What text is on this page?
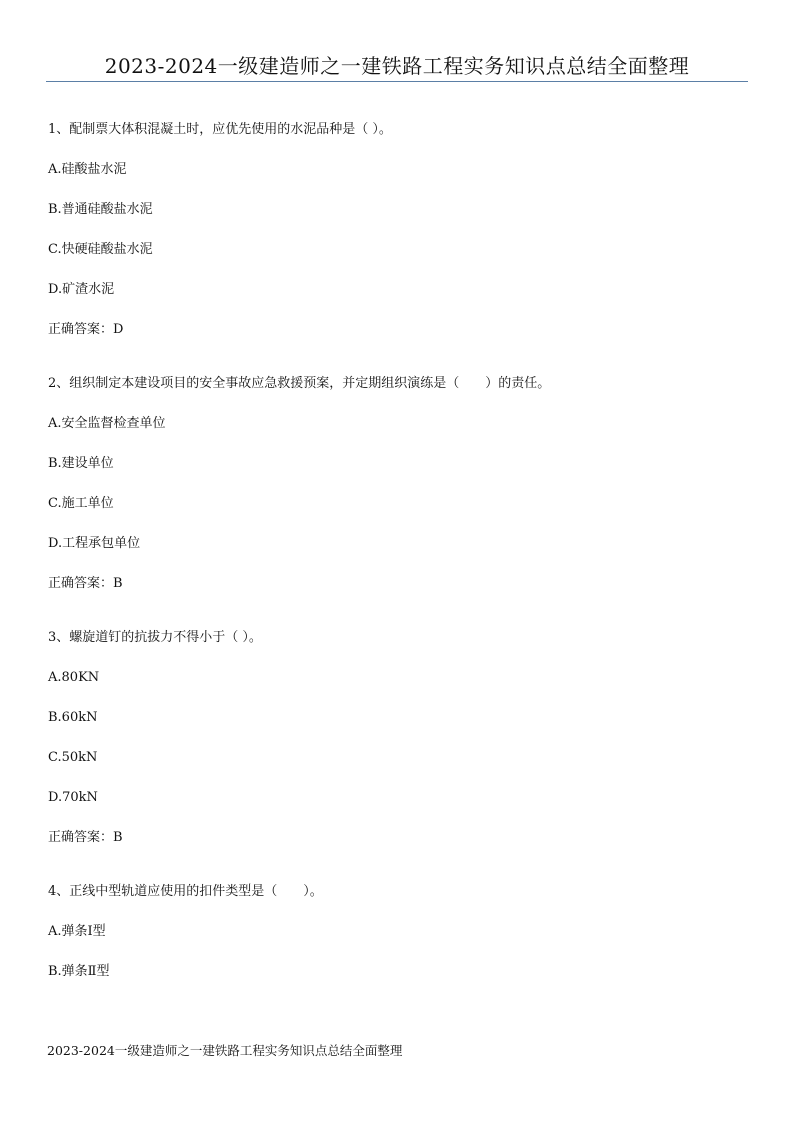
2023-2024一级建造师之一建铁路工程实务知识点总结全面整理

1、配制票大体积混凝土时，应优先使用的水泥品种是（ ）。

A.硅酸盐水泥

B.普通硅酸盐水泥

C.快硬硅酸盐水泥

D.矿渣水泥

正确答案：D

2、组织制定本建设项目的安全事故应急救援预案，并定期组织演练是（　　）的责任。

A.安全监督检查单位

B.建设单位

C.施工单位

D.工程承包单位

正确答案：B

3、螺旋道钉的抗拔力不得小于（ ）。

A.80KN

B.60kN

C.50kN

D.70kN

正确答案：B

4、正线中型轨道应使用的扣件类型是（　　）。

A.弹条Ⅰ型

B.弹条Ⅱ型

2023-2024一级建造师之一建铁路工程实务知识点总结全面整理
